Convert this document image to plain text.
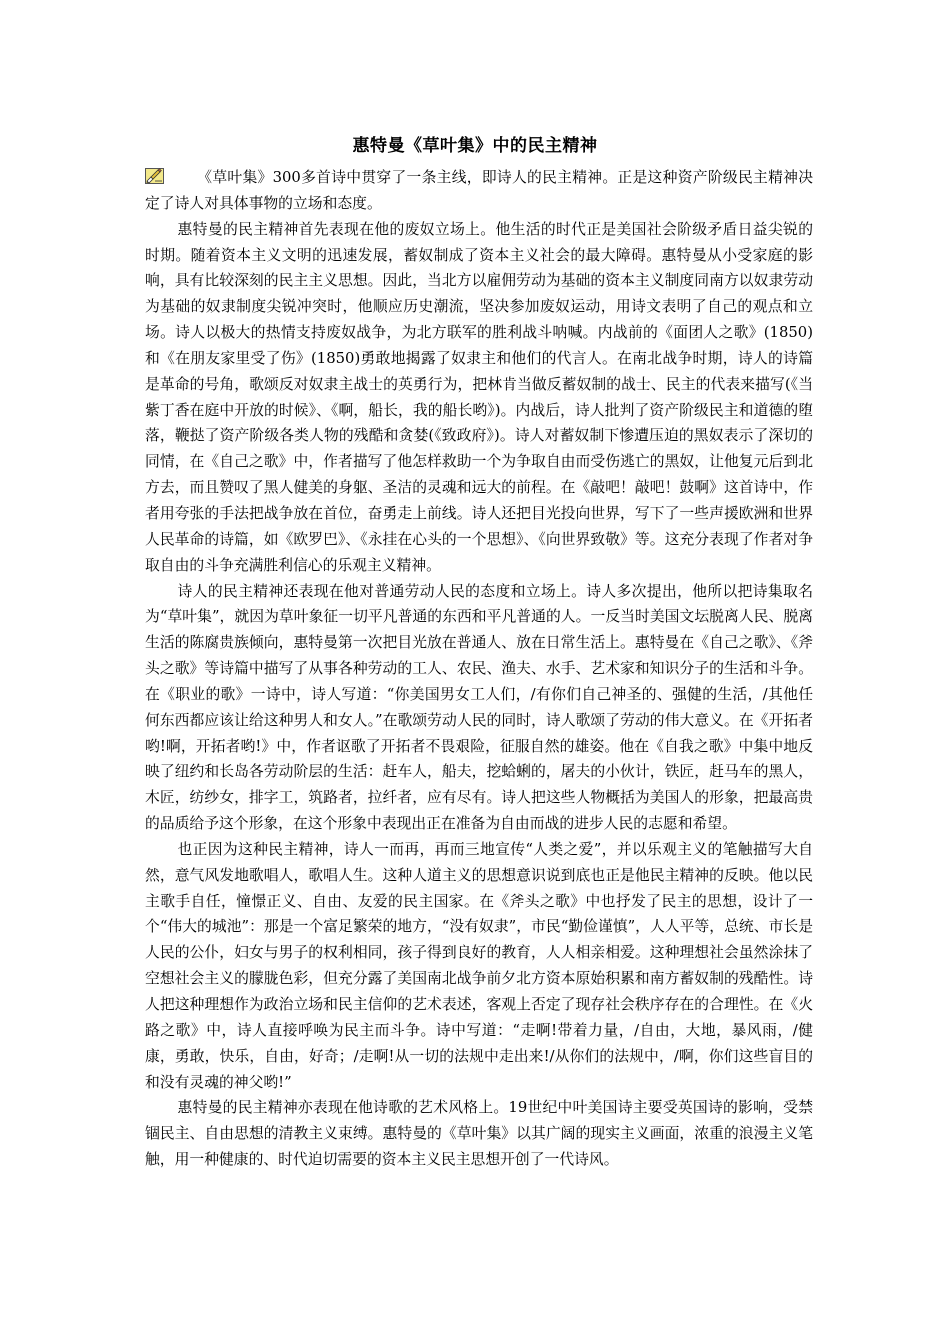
惠特曼《草叶集》中的民主精神

《草叶集》300多首诗中贯穿了一条主线，即诗人的民主精神。正是这种资产阶级民主精神决定了诗人对具体事物的立场和态度。

惠特曼的民主精神首先表现在他的废奴立场上。他生活的时代正是美国社会阶级矛盾日益尖锐的时期。随着资本主义文明的迅速发展，蓄奴制成了资本主义社会的最大障碍。惠特曼从小受家庭的影响，具有比较深刻的民主主义思想。因此，当北方以雇佣劳动为基础的资本主义制度同南方以奴隶劳动为基础的奴隶制度尖锐冲突时，他顺应历史潮流，坚决参加废奴运动，用诗文表明了自己的观点和立场。诗人以极大的热情支持废奴战争，为北方联军的胜利战斗呐喊。内战前的《面团人之歌》(1850)和《在朋友家里受了伤》(1850)勇敢地揭露了奴隶主和他们的代言人。在南北战争时期，诗人的诗篇是革命的号角，歌颂反对奴隶主战士的英勇行为，把林肯当做反蓄奴制的战士、民主的代表来描写(《当紫丁香在庭中开放的时候》、《啊，船长，我的船长哟》)。内战后，诗人批判了资产阶级民主和道德的堕落，鞭挞了资产阶级各类人物的残酷和贪婪(《致政府》)。诗人对蓄奴制下惨遭压迫的黑奴表示了深切的同情，在《自己之歌》中，作者描写了他怎样救助一个为争取自由而受伤逃亡的黑奴，让他复元后到北方去，而且赞叹了黑人健美的身躯、圣洁的灵魂和远大的前程。在《敲吧！敲吧！鼓啊》这首诗中，作者用夸张的手法把战争放在首位，奋勇走上前线。诗人还把目光投向世界，写下了一些声援欧洲和世界人民革命的诗篇，如《欧罗巴》、《永挂在心头的一个思想》、《向世界致敬》等。这充分表现了作者对争取自由的斗争充满胜利信心的乐观主义精神。

诗人的民主精神还表现在他对普通劳动人民的态度和立场上。诗人多次提出，他所以把诗集取名为“草叶集”，就因为草叶象征一切平凡普通的东西和平凡普通的人。一反当时美国文坛脱离人民、脱离生活的陈腐贵族倾向，惠特曼第一次把目光放在普通人、放在日常生活上。惠特曼在《自己之歌》、《斧头之歌》等诗篇中描写了从事各种劳动的工人、农民、渔夫、水手、艺术家和知识分子的生活和斗争。在《职业的歌》一诗中，诗人写道：“你美国男女工人们，/有你们自己神圣的、强健的生活，/其他任何东西都应该让给这种男人和女人。”在歌颂劳动人民的同时，诗人歌颂了劳动的伟大意义。在《开拓者哟!啊，开拓者哟!》中，作者讴歌了开拓者不畏艰险，征服自然的雄姿。他在《自我之歌》中集中地反映了纽约和长岛各劳动阶层的生活：赶车人，船夫，挖蛤蜊的，屠夫的小伙计，铁匠，赶马车的黑人，木匠，纺纱女，排字工，筑路者，拉纤者，应有尽有。诗人把这些人物概括为美国人的形象，把最高贵的品质给予这个形象，在这个形象中表现出正在准备为自由而战的进步人民的志愿和希望。

也正因为这种民主精神，诗人一而再，再而三地宣传“人类之爱”，并以乐观主义的笔触描写大自然，意气风发地歌唱人，歌唱人生。这种人道主义的思想意识说到底也正是他民主精神的反映。他以民主歌手自任，憧憬正义、自由、友爱的民主国家。在《斧头之歌》中也抒发了民主的思想，设计了一个“伟大的城池”：那是一个富足繁荣的地方，“没有奴隶”，市民“勤俭谨慎”，人人平等，总统、市长是人民的公仆，妇女与男子的权利相同，孩子得到良好的教育，人人相亲相爱。这种理想社会虽然涂抹了空想社会主义的朦胧色彩，但充分露了美国南北战争前夕北方资本原始积累和南方蓄奴制的残酷性。诗人把这种理想作为政治立场和民主信仰的艺术表述，客观上否定了现存社会秩序存在的合理性。在《火路之歌》中，诗人直接呼唤为民主而斗争。诗中写道：“走啊!带着力量，/自由，大地，暴风雨，/健康，勇敢，快乐，自由，好奇；/走啊!从一切的法规中走出来!/从你们的法规中，/啊，你们这些盲目的和没有灵魂的神父哟!”

惠特曼的民主精神亦表现在他诗歌的艺术风格上。19世纪中叶美国诗主要受英国诗的影响，受禁锢民主、自由思想的清教主义束缚。惠特曼的《草叶集》以其广阔的现实主义画面，浓重的浪漫主义笔触，用一种健康的、时代迫切需要的资本主义民主思想开创了一代诗风。
